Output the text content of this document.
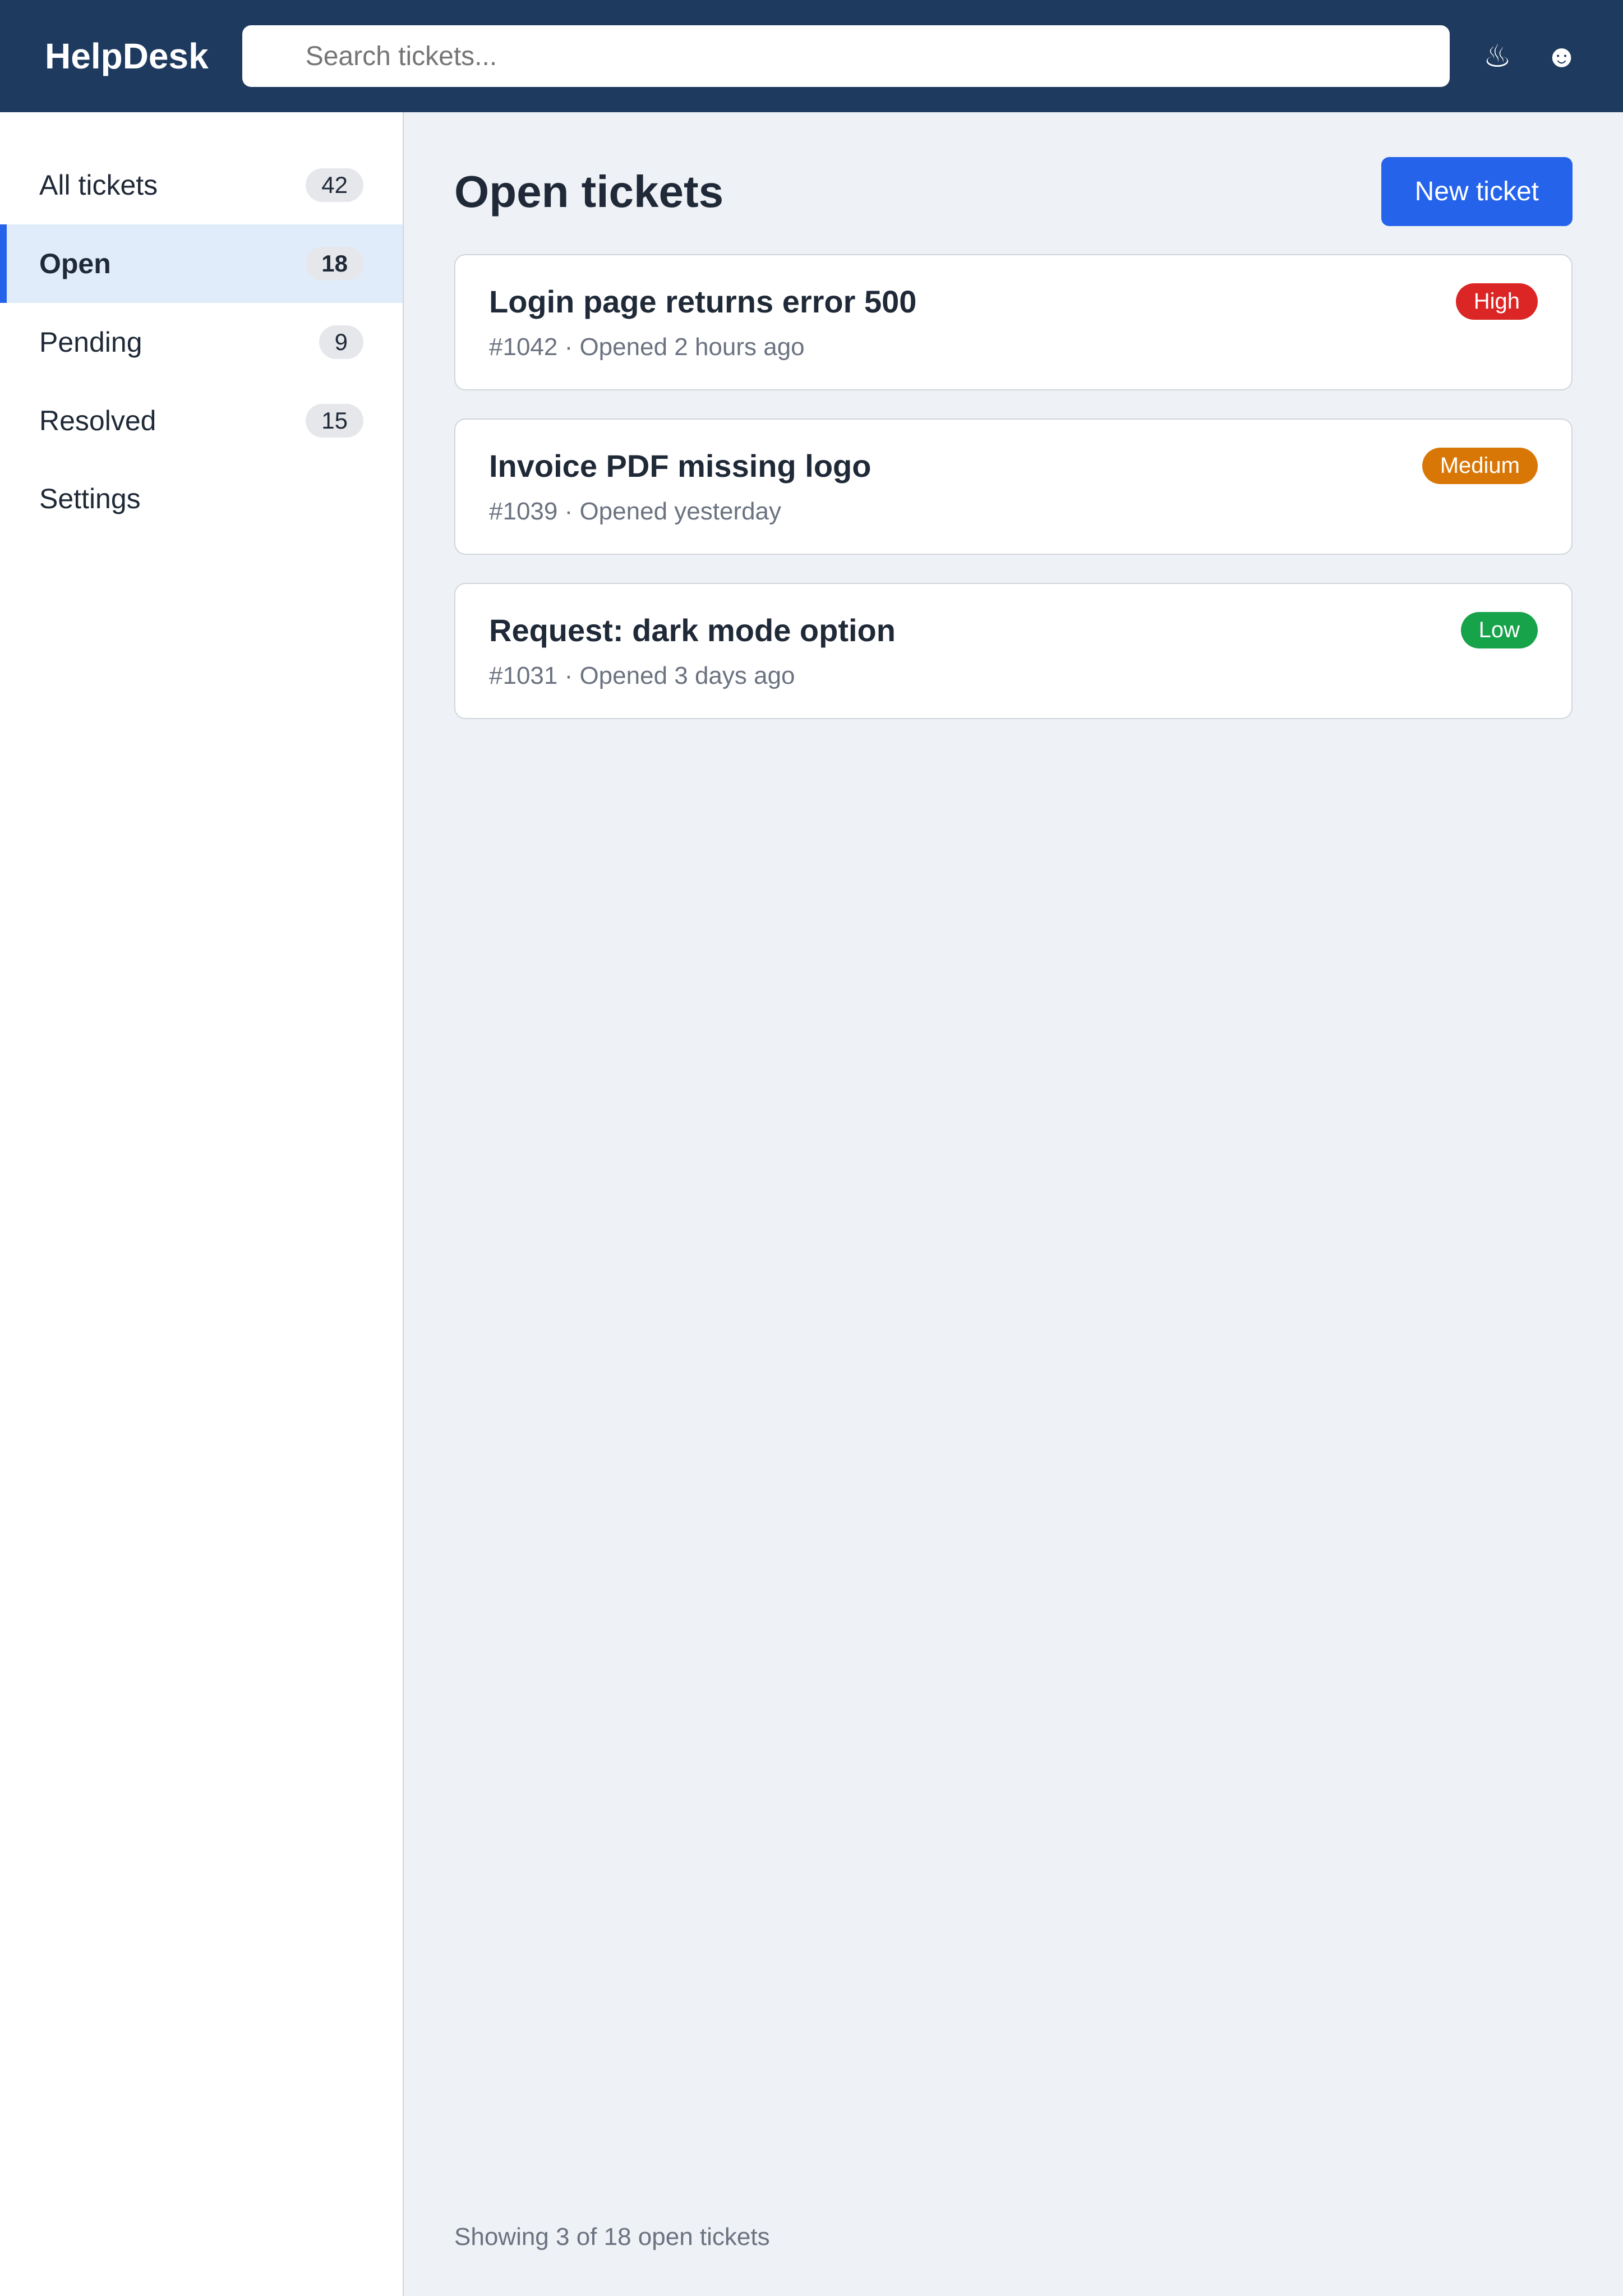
HelpDesk ⚲
Search tickets...	♨ ☻
All tickets	42
Open	18
Pending	9
Resolved	15
Settings
Open tickets	New ticket
Login page returns error 500	High
#1042 · Opened 2 hours ago
Invoice PDF missing logo	Medium
#1039 · Opened yesterday
Request: dark mode option	Low
#1031 · Opened 3 days ago
Showing 3 of 18 open tickets
